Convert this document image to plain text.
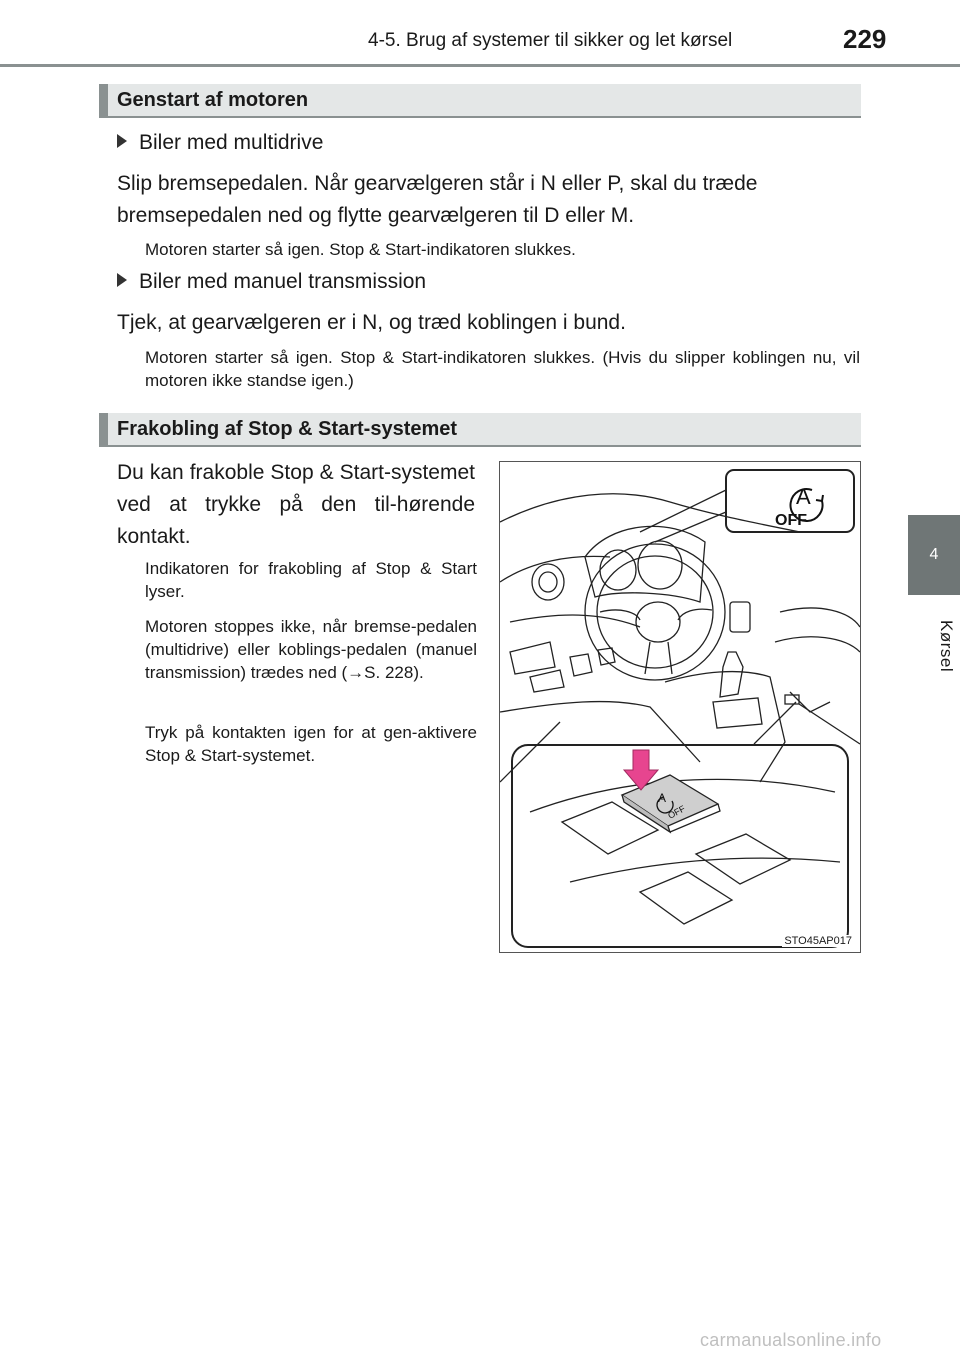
4-5. Brug af systemer til sikker og let kørsel	229
4
Kørsel
Genstart af motoren
Biler med multidrive
Slip bremsepedalen. Når gearvælgeren står i N eller P, skal du træde bremsepedalen ned og flytte gearvælgeren til D eller M.
Motoren starter så igen. Stop & Start-indikatoren slukkes.
Biler med manuel transmission
Tjek, at gearvælgeren er i N, og træd koblingen i bund.
Motoren starter så igen. Stop & Start-indikatoren slukkes. (Hvis du slipper koblingen nu, vil motoren ikke standse igen.)
Frakobling af Stop & Start-systemet
Du kan frakoble Stop & Start-systemet ved at trykke på den til-hørende kontakt.
Indikatoren for frakobling af Stop & Start lyser.
Motoren stoppes ikke, når bremse-pedalen (multidrive) eller koblings-pedalen (manuel transmission) trædes ned (→S. 228).
Tryk på kontakten igen for at gen-aktivere Stop & Start-systemet.
A
OFF
A
OFF
STO45AP017
carmanualsonline.info
